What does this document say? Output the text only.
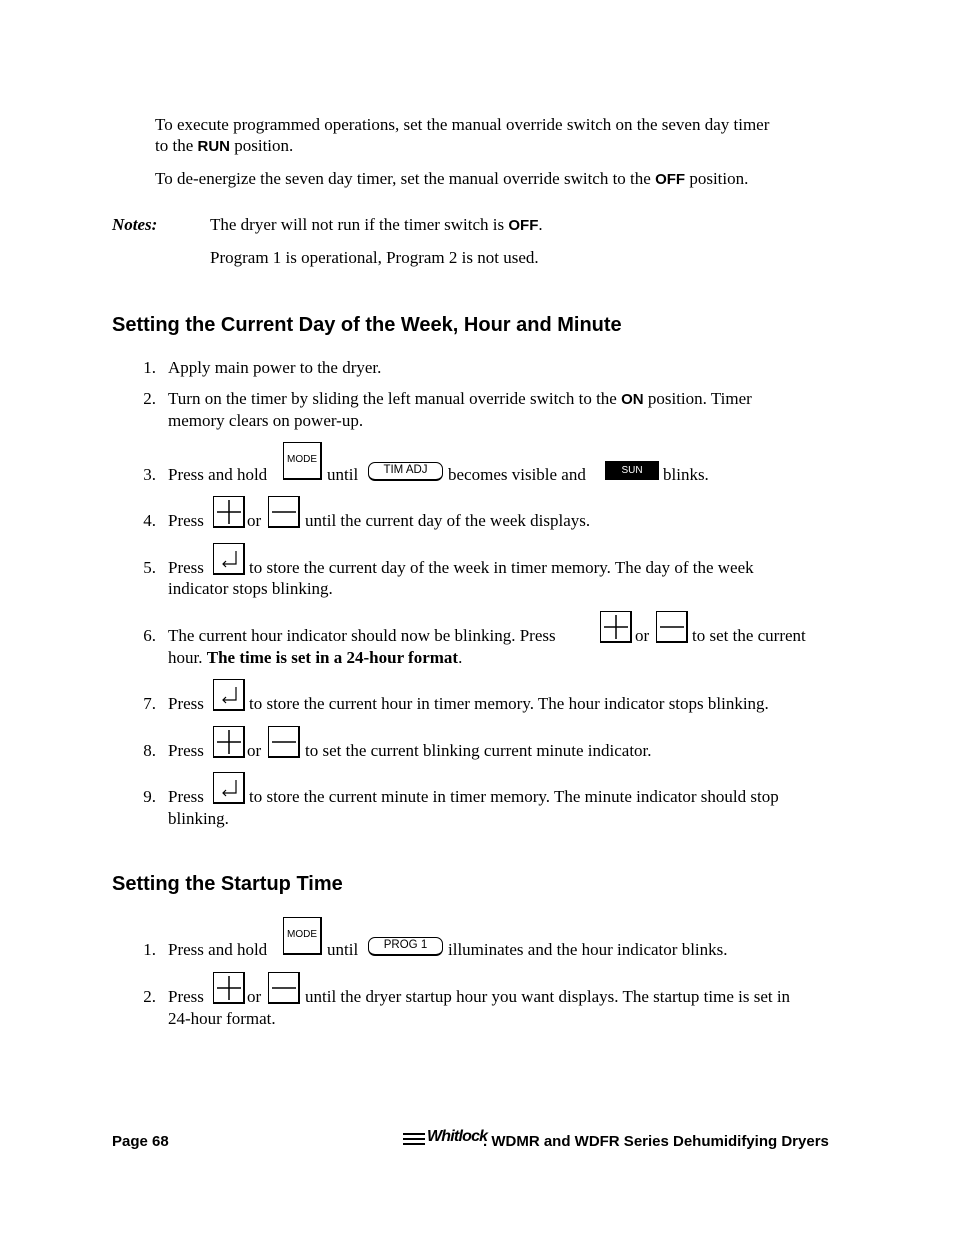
To execute programmed operations, set the manual override switch on the seven day timer
to the RUN position.
To de-energize the seven day timer, set the manual override switch to the OFF position.
Notes:	The dryer will not run if the timer switch is OFF.
Program 1 is operational, Program 2 is not used.
Setting the Current Day of the Week, Hour and Minute
1. Apply main power to the dryer.
2. Turn on the timer by sliding the left manual override switch to the ON position. Timer
memory clears on power-up.
3. Press and hold
MODE
until	TIM ADJ	becomes visible and	SUN	blinks.
4. Press	or	until the current day of the week displays.
5. Press	to store the current day of the week in timer memory. The day of the week
indicator stops blinking.
6. The current hour indicator should now be blinking. Press	or	to set the current
hour. The time is set in a 24-hour format.
7. Press	to store the current hour in timer memory. The hour indicator stops blinking.
8. Press	or	to set the current blinking current minute indicator.
9. Press	to store the current minute in timer memory. The minute indicator should stop
blinking.
Setting the Startup Time
1. Press and hold
MODE
until	PROG 1	illuminates and the hour indicator blinks.
2. Press	or	until the dryer startup hour you want displays. The startup time is set in
24-hour format.
Page 68	Whitlock
. WDMR and WDFR Series Dehumidifying Dryers
